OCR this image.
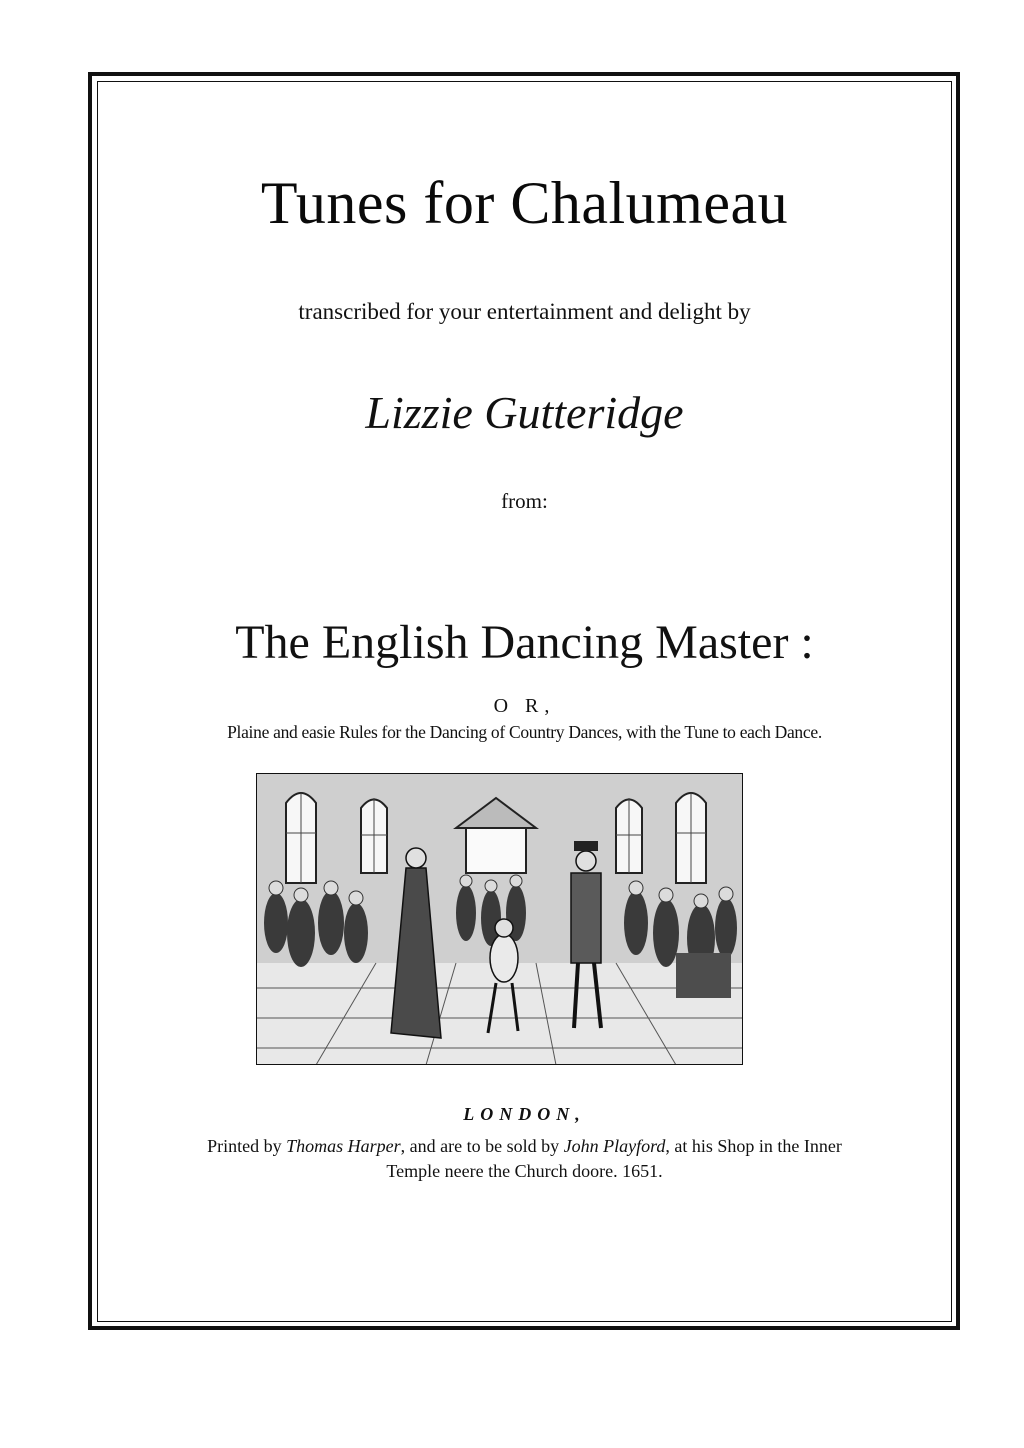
Tunes for Chalumeau
transcribed for your entertainment and delight by
Lizzie Gutteridge
from:
The English Dancing Master :
O R,
Plaine and easie Rules for the Dancing of Country Dances, with the Tune to each Dance.
LONDON,
Printed by Thomas Harper, and are to be sold by John Playford, at his Shop in the Inner
Temple neere the Church doore. 1651.
